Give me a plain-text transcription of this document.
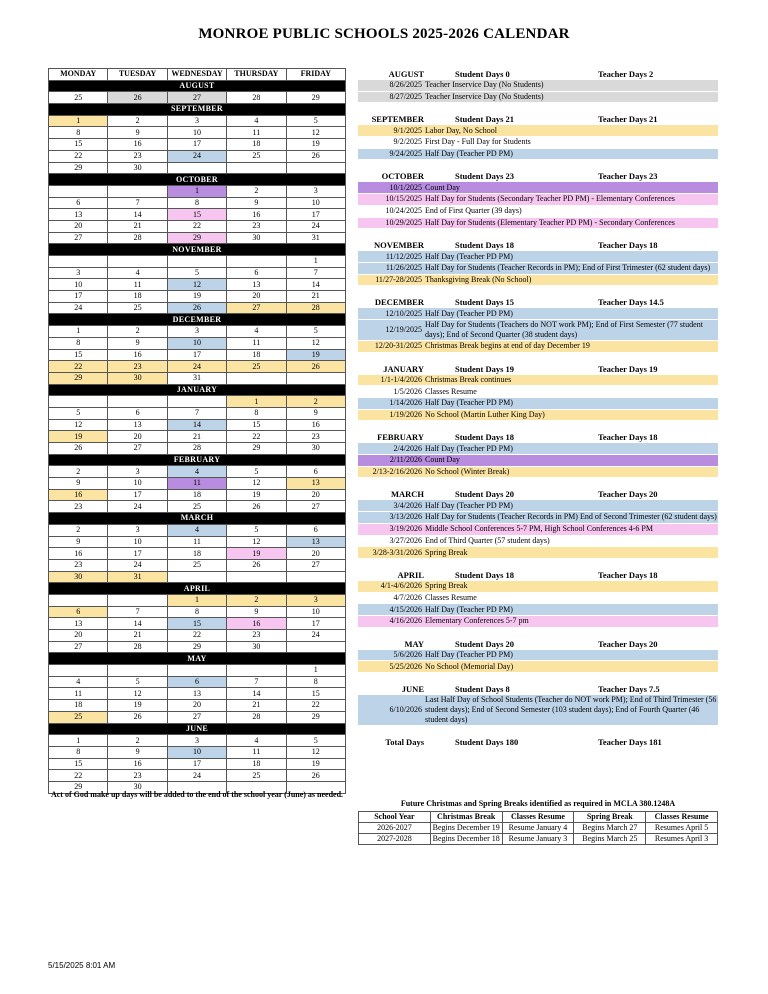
MONROE PUBLIC SCHOOLS 2025-2026 CALENDAR
MONDAY	TUESDAY	WEDNESDAY	THURSDAY	FRIDAY
AUGUST				
25	26	27	28	29
SEPTEMBER				
1	2	3	4	5
8	9	10	11	12
15	16	17	18	19
22	23	24	25	26
29	30			
OCTOBER				
		1	2	3
6	7	8	9	10
13	14	15	16	17
20	21	22	23	24
27	28	29	30	31
NOVEMBER				
				1
3	4	5	6	7
10	11	12	13	14
17	18	19	20	21
24	25	26	27	28
DECEMBER				
1	2	3	4	5
8	9	10	11	12
15	16	17	18	19
22	23	24	25	26
29	30	31		
JANUARY				
			1	2
5	6	7	8	9
12	13	14	15	16
19	20	21	22	23
26	27	28	29	30
FEBRUARY				
2	3	4	5	6
9	10	11	12	13
16	17	18	19	20
23	24	25	26	27
MARCH				
2	3	4	5	6
9	10	11	12	13
16	17	18	19	20
23	24	25	26	27
30	31			
APRIL				
		1	2	3
6	7	8	9	10
13	14	15	16	17
20	21	22	23	24
27	28	29	30	
MAY				
				1
4	5	6	7	8
11	12	13	14	15
18	19	20	21	22
25	26	27	28	29
JUNE				
1	2	3	4	5
8	9	10	11	12
15	16	17	18	19
22	23	24	25	26
29	30			
Act of God make up days will be added to the end of the school year (June) as needed.
AUGUST	Student Days 0	Teacher Days 2
8/26/2025 Teacher Inservice Day (No Students)
8/27/2025 Teacher Inservice Day (No Students)
SEPTEMBER	Student Days 21	Teacher Days 21
9/1/2025 Labor Day, No School
9/2/2025 First Day - Full Day for Students
9/24/2025 Half Day (Teacher PD PM)
OCTOBER	Student Days 23	Teacher Days 23
10/1/2025 Count Day
10/15/2025 Half Day for Students (Secondary Teacher PD PM) - Elementary Conferences
10/24/2025 End of First Quarter (39 days)
10/29/2025 Half Day for Students (Elementary Teacher PD PM) - Secondary Conferences
NOVEMBER	Student Days 18	Teacher Days 18
11/12/2025 Half Day (Teacher PD PM)
11/26/2025 Half Day for Students (Teacher Records in PM); End of First Trimester (62 student days)
11/27-28/2025 Thanksgiving Break (No School)
DECEMBER	Student Days 15	Teacher Days 14.5
12/10/2025 Half Day (Teacher PD PM)
12/19/2025
Half Day for Students (Teachers do NOT work PM); End of First Semester (77 student days); End of Second Quarter (38 student days)
12/20-31/2025 Christmas Break begins at end of day December 19
JANUARY	Student Days 19	Teacher Days 19
1/1-1/4/2026 Christmas Break continues
1/5/2026 Classes Resume
1/14/2026 Half Day (Teacher PD PM)
1/19/2026 No School (Martin Luther King Day)
FEBRUARY	Student Days 18	Teacher Days 18
2/4/2026 Half Day (Teacher PD PM)
2/11/2026 Count Day
2/13-2/16/2026 No School (Winter Break)
MARCH	Student Days 20	Teacher Days 20
3/4/2026 Half Day (Teacher PD PM)
3/13/2026 Half Day for Students (Teacher Records in PM) End of Second Trimester (62 student days)
3/19/2026 Middle School Conferences 5-7 PM, High School Conferences 4-6 PM
3/27/2026 End of Third Quarter (57 student days)
3/28-3/31/2026 Spring Break
APRIL	Student Days 18	Teacher Days 18
4/1-4/6/2026 Spring Break
4/7/2026 Classes Resume
4/15/2026 Half Day (Teacher PD PM)
4/16/2026 Elementary Conferences 5-7 pm
MAY	Student Days 20	Teacher Days 20
5/6/2026 Half Day (Teacher PD PM)
5/25/2026 No School (Memorial Day)
JUNE	Student Days 8	Teacher Days 7.5
6/10/2026
Last Half Day of School Students (Teacher do NOT work PM); End of Third Trimester (56 student days); End of Second Semester (103 student days); End of Fourth Quarter (46 student days)
Total Days	Student Days 180	Teacher Days 181
Future Christmas and Spring Breaks identified as required in MCLA 380.1248A
School Year	Christmas Break	Classes Resume	Spring Break	Classes Resume
2026-2027	Begins December 19	Resume January 4	Begins March 27	Resumes April 5
2027-2028	Begins December 18	Resume January 3	Begins March 25	Resumes April 3
5/15/2025 8:01 AM
